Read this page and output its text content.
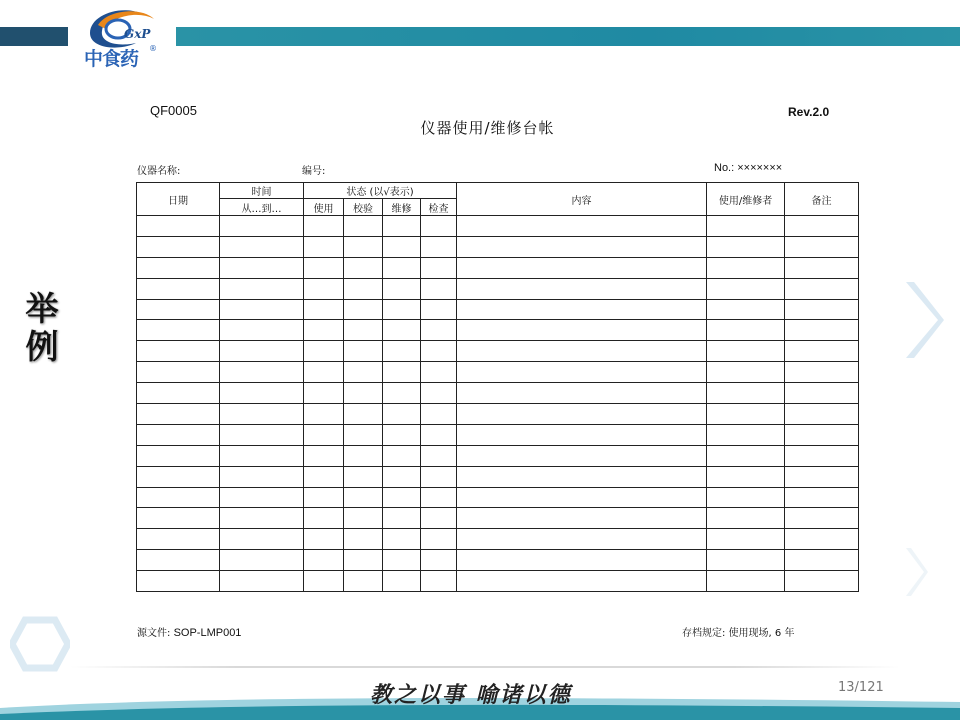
GxP
中食药 ®
举
例
QF0005
仪器使用/维修台帐
Rev.2.0
仪器名称:	编号:	No.: ×××××××
日期	时间	状态 (以√表示)				内容	使用/维修者	备注
	从…到…	使用	校验	维修	检查			

源文件: SOP-LMP001	存档规定: 使用现场, 6 年
教之以事 喻诸以德	13/121
